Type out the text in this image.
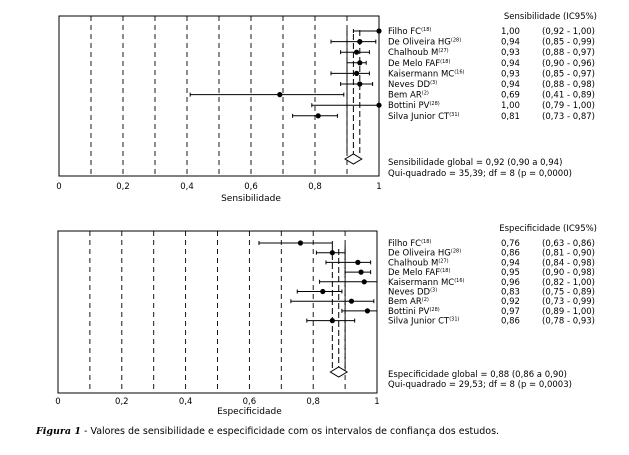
0	0,2	0,4	0,6	0,8	1
Sensibilidade
Sensibilidade (IC95%)
Filho FC$^{(18)}$	1,00	(0,92 - 1,00)
De Oliveira HG$^{(28)}$	0,94	(0,85 - 0,99)
Chalhoub $M^{(27)}$	0,93	(0,88 - 0,97)
De Melo FAF$^{(18)}$	0,94	(0,90 - 0,96)
Kaisermann MC$^{(16)}$	0,93	(0,85 - 0,97)
Neves DD$^{(3)}$	0,94	(0,88 - 0,98)
Bem AR$^{(2)}$	0,69	(0,41 - 0,89)
Bottini PV$^{(28)}$	1,00	(0,79 - 1,00)
Silva Junior CT$^{(31)}$	0,81	(0,73 - 0,87)
Sensibilidade global = 0,92 (0,90 a 0,94)
Qui-quadrado = 35,39; df = 8 (p = 0,0000)
0	0,2	0,4	0,6	0,8	1
Especificidade
Especificidade (IC95%)
Filho FC$^{(18)}$	0,76	(0,63 - 0,86)
De Oliveira HG$^{(28)}$	0,86	(0,81 - 0,90)
Chalhoub $M^{(27)}$	0,94	(0,84 - 0,98)
De Melo FAF$^{(18)}$	0,95	(0,90 - 0,98)
Kaisermann MC$^{(16)}$	0,96	(0,82 - 1,00)
Neves DD$^{(3)}$	0,83	(0,75 - 0,89)
Bem AR$^{(2)}$	0,92	(0,73 - 0,99)
Bottini PV$^{(28)}$	0,97	(0,89 - 1,00)
Silva Junior CT$^{(31)}$	0,86	(0,78 - 0,93)
Especificidade global = 0,88 (0,86 a 0,90)
Qui-quadrado = 29,53; df = 8 (p = 0,0003)
Figura 1 - Valores de sensibilidade e especificidade com os intervalos de confiança dos estudos.
